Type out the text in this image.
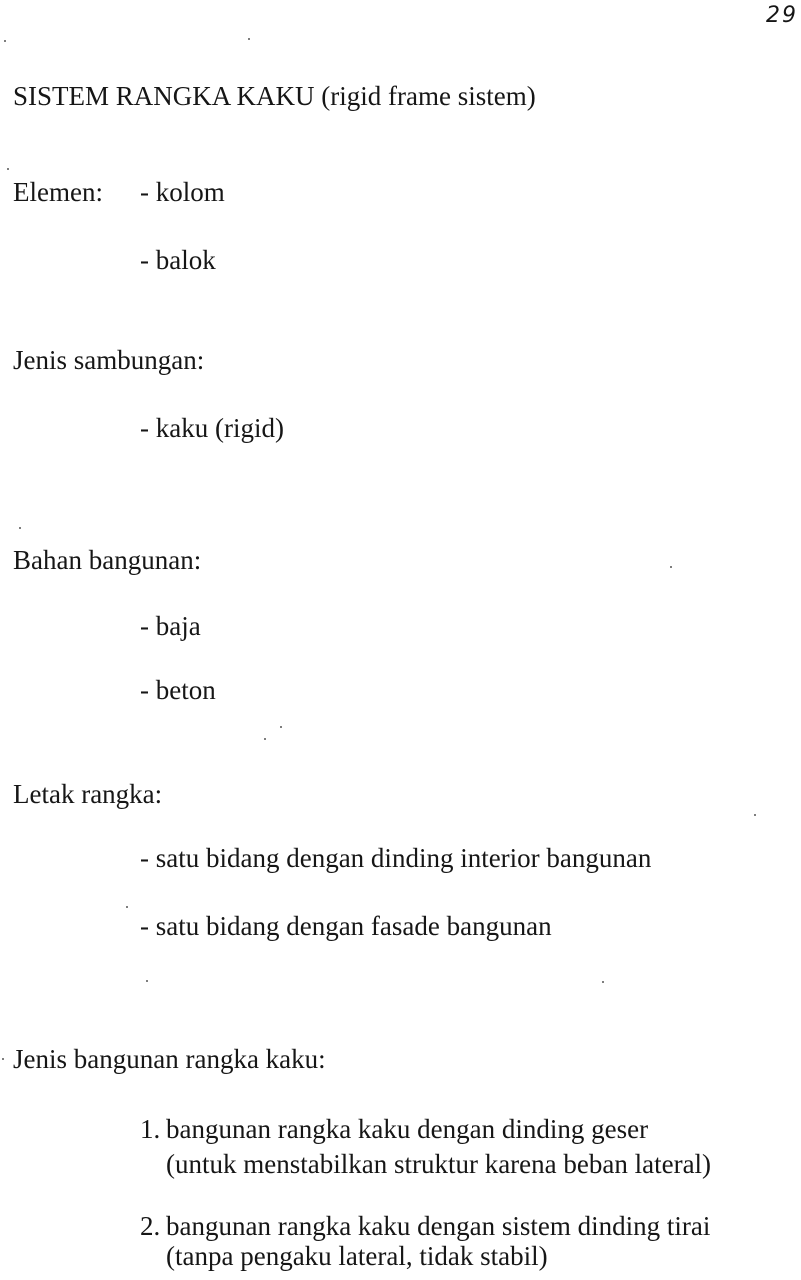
29
SISTEM RANGKA KAKU (rigid frame sistem)
Elemen: - kolom
- balok
Jenis sambungan:
- kaku (rigid)
Bahan bangunan:
- baja
- beton
Letak rangka:
- satu bidang dengan dinding interior bangunan
- satu bidang dengan fasade bangunan
Jenis bangunan rangka kaku:
1. bangunan rangka kaku dengan dinding geser
(untuk menstabilkan struktur karena beban lateral)
2. bangunan rangka kaku dengan sistem dinding tirai
(tanpa pengaku lateral, tidak stabil)
